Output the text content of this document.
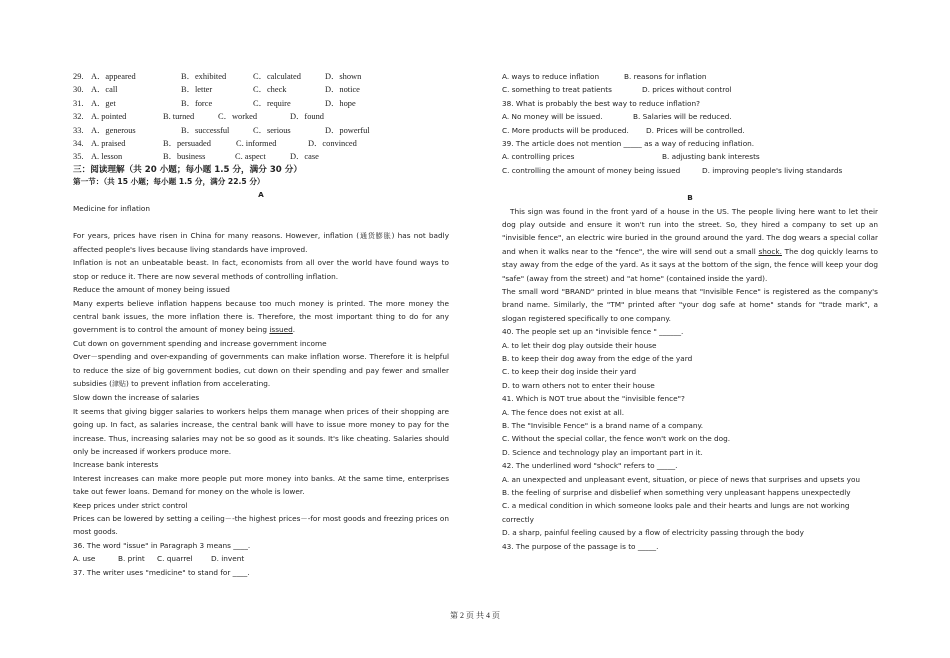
29. A．appeared	B．exhibited	C．calculated	D．shown
30. A．call	B．letter	C．check	D．notice
31. A．get	B．force	C．require	D．hope
32. A. pointed	B. turned	C．worked	D．found
33. A．generous	B．successful	C．serious	D．powerful
34. A. praised	B．persuaded	C. informed	D．convinced
35. A. lesson	B．business	C. aspect	D．case
三：阅读理解（共 20 小题；每小题 1.5 分，满分 30 分）
第一节：（共 15 小题；每小题 1.5 分，满分 22.5 分）
A
Medicine for inflation
For years, prices have risen in China for many reasons. However, inflation (通货膨胀) has not badly affected people's lives because living standards have improved.
Inflation is not an unbeatable beast. In fact, economists from all over the world have found ways to stop or reduce it. There are now several methods of controlling inflation.
Reduce the amount of money being issued
Many experts believe inflation happens because too much money is printed. The more money the central bank issues, the more inflation there is. Therefore, the most important thing to do for any government is to control the amount of money being issued.
Cut down on government spending and increase government income
Over－spending and over-expanding of governments can make inflation worse. Therefore it is helpful to reduce the size of big government bodies, cut down on their spending and pay fewer and smaller subsidies (津贴) to prevent inflation from accelerating.
Slow down the increase of salaries
It seems that giving bigger salaries to workers helps them manage when prices of their shopping are going up. In fact, as salaries increase, the central bank will have to issue more money to pay for the increase. Thus, increasing salaries may not be so good as it sounds. It's like cheating. Salaries should only be increased if workers produce more.
Increase bank interests
Interest increases can make more people put more money into banks. At the same time, enterprises take out fewer loans. Demand for money on the whole is lower.
Keep prices under strict control
Prices can be lowered by setting a ceiling－-the highest prices－-for most goods and freezing prices on most goods.
36. The word "issue" in Paragraph 3 means ____.
A. use	B. print C. quarrel	D. invent
37. The writer uses "medicine" to stand for ____.
A. ways to reduce inflation	B. reasons for inflation
C. something to treat patients	D. prices without control
38. What is probably the best way to reduce inflation?
A. No money will be issued.	B. Salaries will be reduced.
C. More products will be produced. D. Prices will be controlled.
39. The article does not mention _____ as a way of reducing inflation.
A. controlling prices	B. adjusting bank interests
C. controlling the amount of money being issued	D. improving people's living standards
B
This sign was found in the front yard of a house in the US. The people living here want to let their dog play outside and ensure it won't run into the street. So, they hired a company to set up an "invisible fence", an electric wire buried in the ground around the yard. The dog wears a special collar and when it walks near to the "fence", the wire will send out a small shock. The dog quickly learns to stay away from the edge of the yard. As it says at the bottom of the sign, the fence will keep your dog "safe" (away from the street) and "at home" (contained inside the yard).
The small word "BRAND" printed in blue means that "Invisible Fence" is registered as the company's brand name. Similarly, the "TM" printed after "your dog safe at home" stands for "trade mark", a slogan registered specifically to one company.
40. The people set up an "invisible fence " ______.
A. to let their dog play outside their house
B. to keep their dog away from the edge of the yard
C. to keep their dog inside their yard
D. to warn others not to enter their house
41. Which is NOT true about the "invisible fence"?
A. The fence does not exist at all.
B. The "Invisible Fence" is a brand name of a company.
C. Without the special collar, the fence won't work on the dog.
D. Science and technology play an important part in it.
42. The underlined word "shock" refers to _____.
A. an unexpected and unpleasant event, situation, or piece of news that surprises and upsets you
B. the feeling of surprise and disbelief when something very unpleasant happens unexpectedly
C. a medical condition in which someone looks pale and their hearts and lungs are not working correctly
D. a sharp, painful feeling caused by a flow of electricity passing through the body
43. The purpose of the passage is to _____.
第 2 页 共 4 页
